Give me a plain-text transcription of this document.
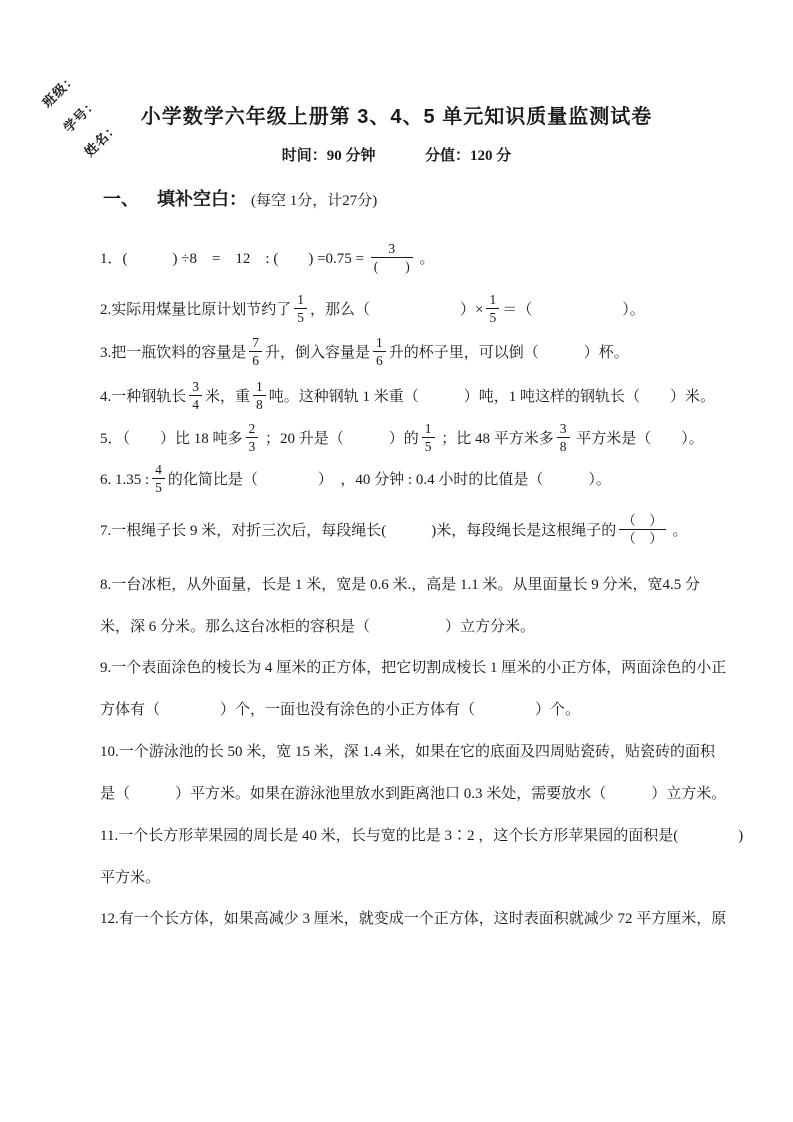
班级：
学号：
姓名：
小学数学六年级上册第 3、4、5 单元知识质量监测试卷
时间：90 分钟	分值：120 分
一、 填补空白： (每空 1分，计27分)
1．(　　　) ÷8　=　12　: (　　) $=0.75 = \frac{3}{( )}$ 。
2.实际用煤量比原计划节约了 $\frac{1}{5}$ ，那么（　　　　　　）× $\frac{1}{5}$ ＝（　　　　　　）。
3.把一瓶饮料的容量是 $\frac{7}{6}$ 升，倒入容量是 $\frac{1}{6}$ 升的杯子里，可以倒（　　　）杯。
4.一种钢轨长 $\frac{3}{4}$ 米，重 $\frac{1}{8}$ 吨。这种钢轨 1 米重（　　　）吨，1 吨这样的钢轨长（　　）米。
5．（　　）比 18 吨多 $\frac{2}{3}$ ；20 升是（　　　）的 $\frac{1}{5}$ ；比 48 平方米多 $\frac{3}{8}$ 平方米是（　　）。
6. 1.35 : $\frac{4}{5}$ 的化简比是（　　　　）　，40 分钟 : 0.4 小时的比值是（　　　）。
7.一根绳子长 9 米，对折三次后，每段绳长(　　　)米，每段绳长是这根绳子的 $\frac{( )}{( )}$ 。
8.一台冰柜，从外面量，长是 1 米，宽是 0.6 米.，高是 1.1 米。从里面量长 9 分米，宽4.5 分
米，深 6 分米。那么这台冰柜的容积是（　　　　　）立方分米。
9.一个表面涂色的棱长为 4 厘米的正方体，把它切割成棱长 1 厘米的小正方体，两面涂色的小正
方体有（　　　　）个，一面也没有涂色的小正方体有（　　　　）个。
10.一个游泳池的长 50 米，宽 15 米，深 1.4 米，如果在它的底面及四周贴瓷砖，贴瓷砖的面积
是（　　　）平方米。如果在游泳池里放水到距离池口 0.3 米处，需要放水（　　　）立方米。
11.一个长方形苹果园的周长是 40 米，长与宽的比是 3∶2 ，这个长方形苹果园的面积是(　　　　)
平方米。
12.有一个长方体，如果高减少 3 厘米，就变成一个正方体，这时表面积就减少 72 平方厘米，原
